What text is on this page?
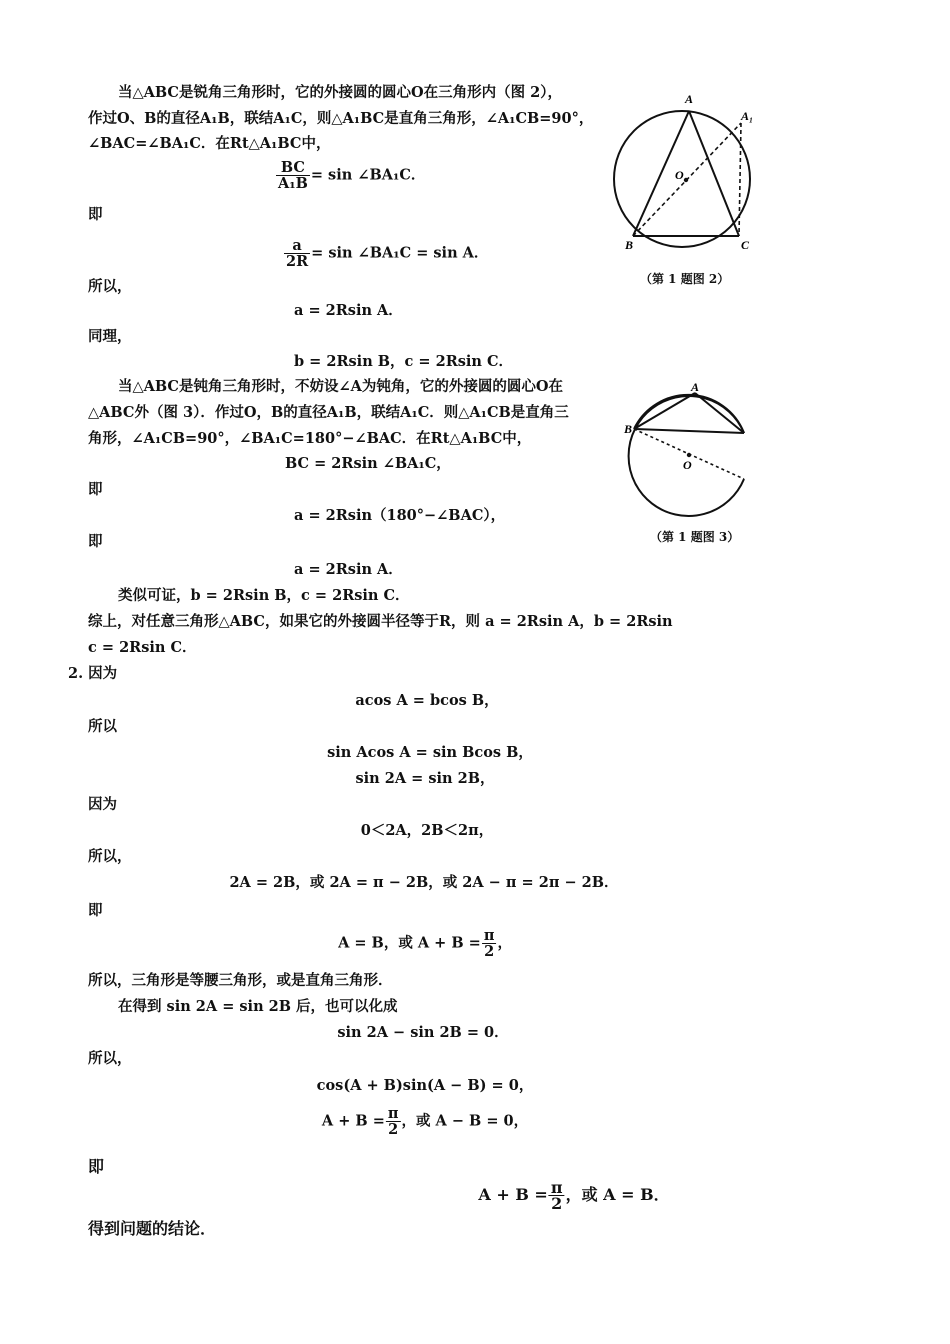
当△ABC是锐角三角形时，它的外接圆的圆心O在三角形内（图 2），
作过O、B的直径A₁B，联结A₁C，则△A₁BC是直角三角形，∠A₁CB=90°，
∠BAC=∠BA₁C．在Rt△A₁BC中，
$\frac{BC}{\text{A₁B}} = \sin$ ∠BA₁C．
即
$\frac{a}{2R} = \sin$ ∠BA₁C = sin A．
所以，
a = 2Rsin A．
同理，
b = 2Rsin B，c = 2Rsin C．
A
A₁
O
B	C
（第 1 题图 2）
当△ABC是钝角三角形时，不妨设∠A为钝角，它的外接圆的圆心O在
△ABC外（图 3）．作过O，B的直径A₁B，联结A₁C．则△A₁CB是直角三
角形，∠A₁CB=90°，∠BA₁C=180°−∠BAC．在Rt△A₁BC中，
BC = 2Rsin ∠BA₁C，
即
a = 2Rsin（180°−∠BAC），
即
a = 2Rsin A．
类似可证，b = 2Rsin B，c = 2Rsin C．
综上，对任意三角形△ABC，如果它的外接圆半径等于R，则 a = 2Rsin A，b = 2Rsin
c = 2Rsin C．
A
B
O
（第 1 题图 3）
2. 因为
acos A = bcos B，
所以
sin Acos A = sin Bcos B，
sin 2A = sin 2B，
因为
0＜2A，2B＜2π，
所以，
2A = 2B，或 2A = π − 2B，或 2A − π = 2π − 2B．
即
A = B，或 $A + B = \frac{\pi}{2}$ ，
所以，三角形是等腰三角形，或是直角三角形．
在得到 sin 2A = sin 2B 后，也可以化成
sin 2A − sin 2B = 0．
所以，
cos(A + B)sin(A − B) = 0，
$A + B = \frac{\pi}{2}$ ，或 A − B = 0，
即
$A + B = \frac{\pi}{2}$ ，或 A = B．
得到问题的结论．
